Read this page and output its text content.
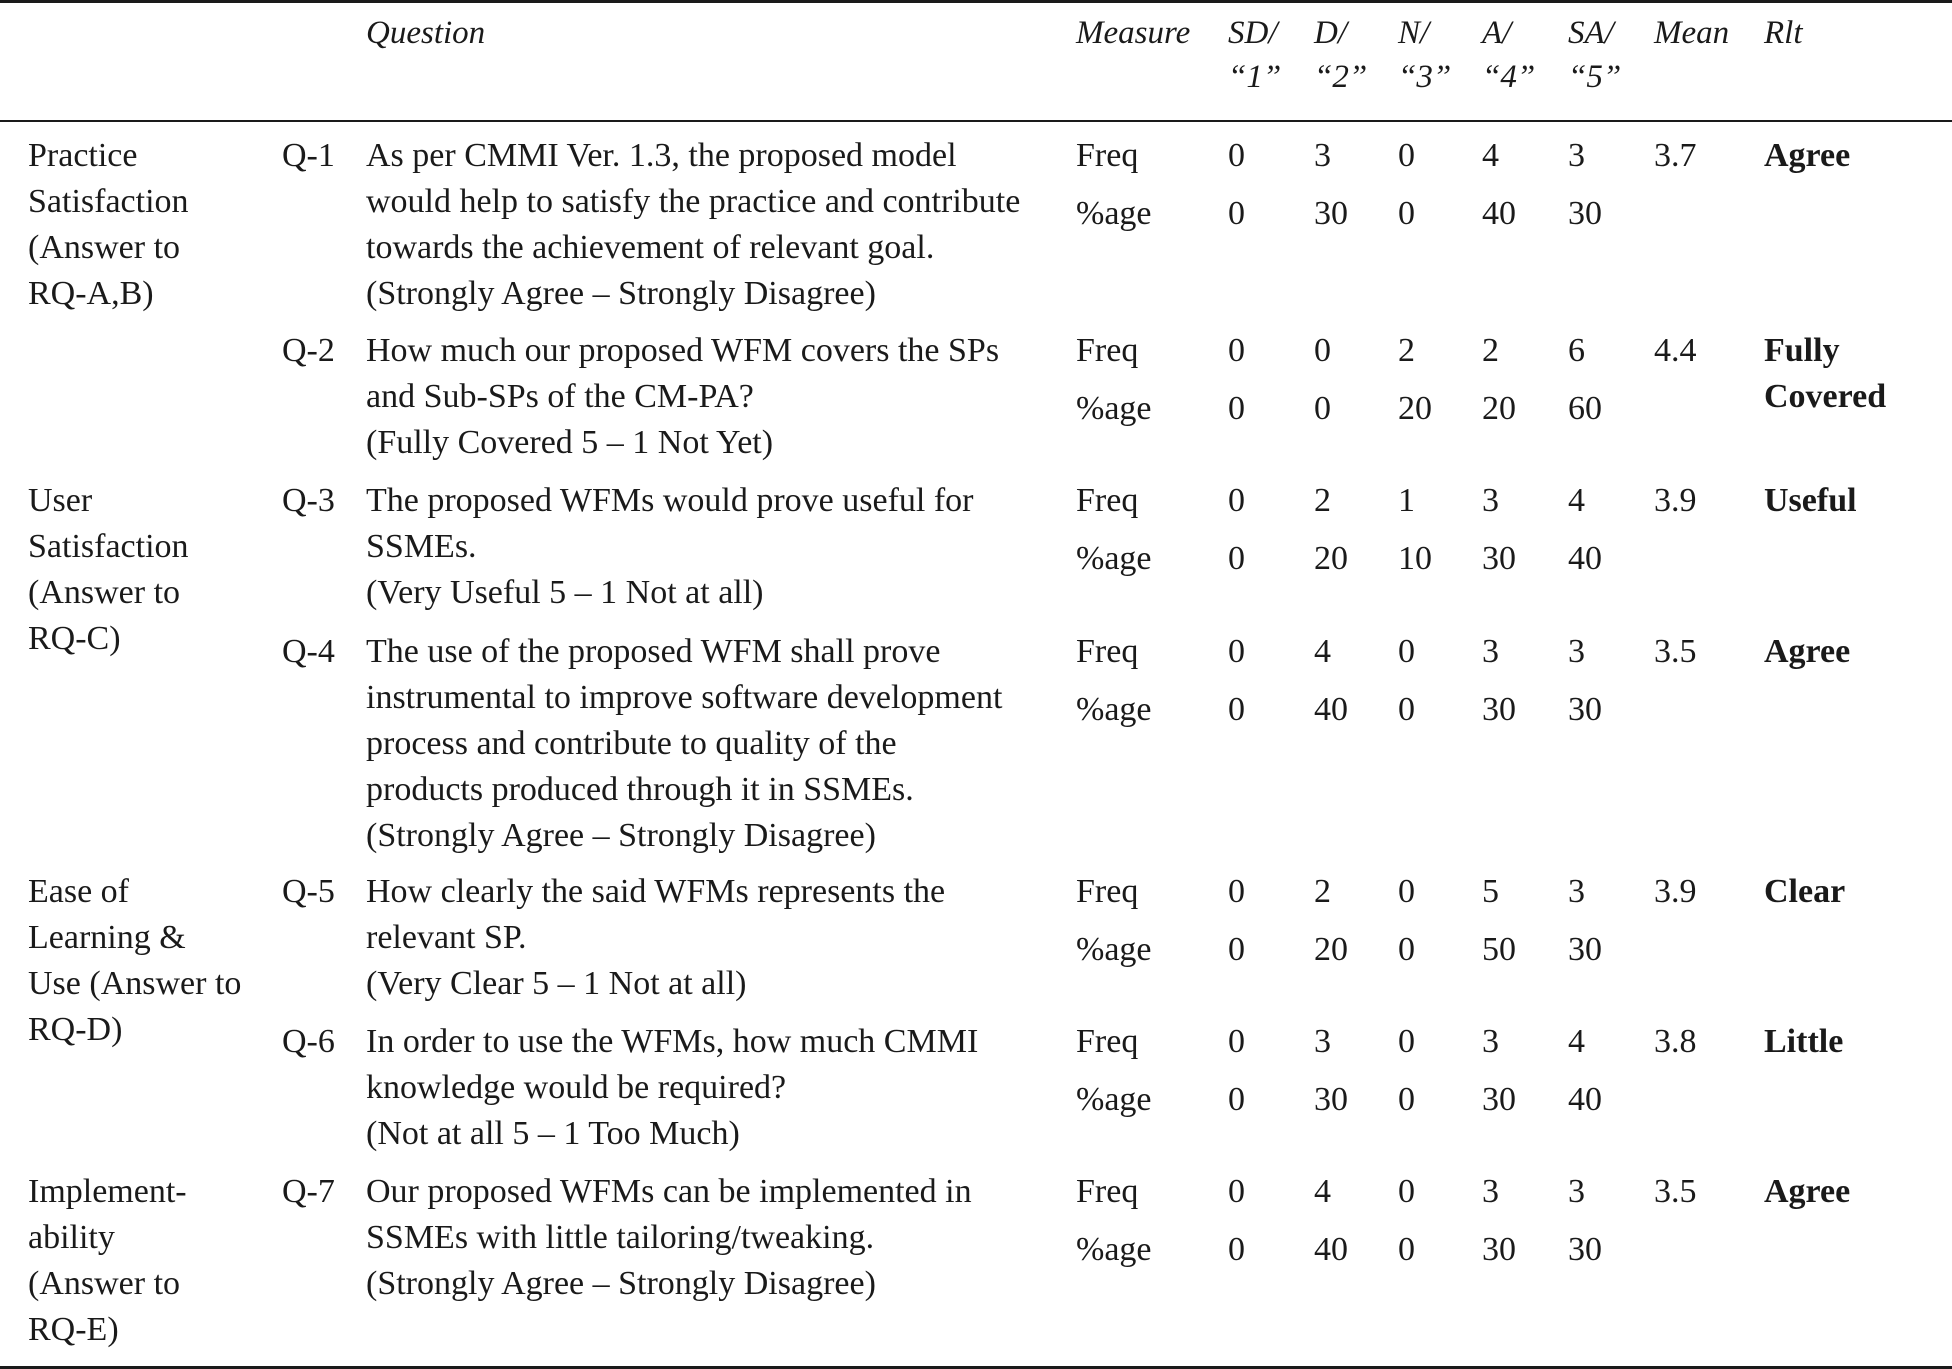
Question	Measure SD/
“1”
D/
“2”
N/
“3”
A/
“4”
SA/
“5”
Mean Rlt
Practice
Satisfaction
(Answer to
RQ-A,B)
Q-1 As per CMMI Ver. 1.3, the proposed model
would help to satisfy the practice and contribute
towards the achievement of relevant goal.
(Strongly Agree – Strongly Disagree)
Freq
%age
0 3 0 4 3
0 30 0 40 30
3.7 Agree
Q-2 How much our proposed WFM covers the SPs
and Sub-SPs of the CM-PA?
(Fully Covered 5 – 1 Not Yet)
Freq
%age
0 0 2 2 6
0 0 20 20 60
4.4 Fully
Covered
User
Satisfaction
(Answer to
RQ-C)
Q-3 The proposed WFMs would prove useful for
SSMEs.
(Very Useful 5 – 1 Not at all)
Freq
%age
0 2 1 3 4
0 20 10 30 40
3.9 Useful
Q-4 The use of the proposed WFM shall prove
instrumental to improve software development
process and contribute to quality of the
products produced through it in SSMEs.
(Strongly Agree – Strongly Disagree)
Freq
%age
0 4 0 3 3
0 40 0 30 30
3.5 Agree
Ease of
Learning &
Use (Answer to
RQ-D)
Q-5 How clearly the said WFMs represents the
relevant SP.
(Very Clear 5 – 1 Not at all)
Freq
%age
0 2 0 5 3
0 20 0 50 30
3.9 Clear
Q-6 In order to use the WFMs, how much CMMI
knowledge would be required?
(Not at all 5 – 1 Too Much)
Freq
%age
0 3 0 3 4
0 30 0 30 40
3.8 Little
Implement-
ability
(Answer to
RQ-E)
Q-7 Our proposed WFMs can be implemented in
SSMEs with little tailoring/tweaking.
(Strongly Agree – Strongly Disagree)
Freq
%age
0 4 0 3 3
0 40 0 30 30
3.5 Agree
